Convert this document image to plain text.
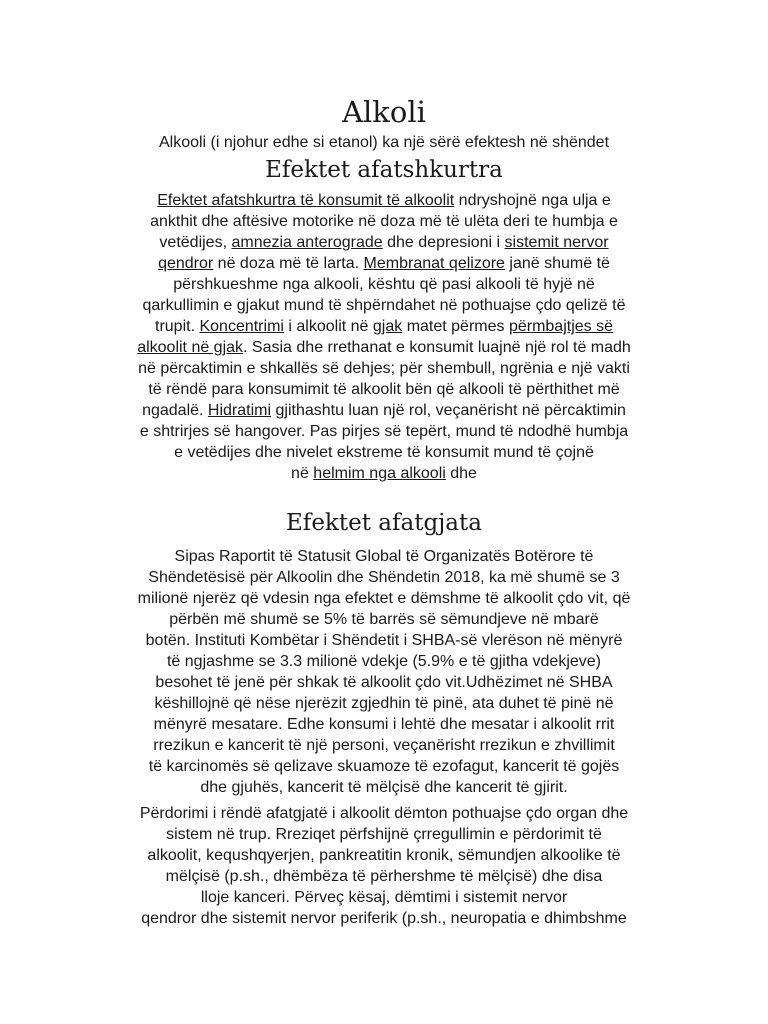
Alkoli
Alkooli (i njohur edhe si etanol) ka një sërë efektesh në shëndet
Efektet afatshkurtra
Efektet afatshkurtra të konsumit të alkoolit ndryshojnë nga ulja e
ankthit dhe aftësive motorike në doza më të ulëta deri te humbja e
vetëdijes, amnezia anterograde dhe depresioni i sistemit nervor
qendror në doza më të larta. Membranat qelizore janë shumë të
përshkueshme nga alkooli, kështu që pasi alkooli të hyjë në
qarkullimin e gjakut mund të shpërndahet në pothuajse çdo qelizë të
trupit. Koncentrimi i alkoolit në gjak matet përmes përmbajtjes së
alkoolit në gjak. Sasia dhe rrethanat e konsumit luajnë një rol të madh
në përcaktimin e shkallës së dehjes; për shembull, ngrënia e një vakti
të rëndë para konsumimit të alkoolit bën që alkooli të përthithet më
ngadalë. Hidratimi gjithashtu luan një rol, veçanërisht në përcaktimin
e shtrirjes së hangover. Pas pirjes së tepërt, mund të ndodhë humbja
e vetëdijes dhe nivelet ekstreme të konsumit mund të çojnë
në helmim nga alkooli dhe
Efektet afatgjata
Sipas Raportit të Statusit Global të Organizatës Botërore të
Shëndetësisë për Alkoolin dhe Shëndetin 2018, ka më shumë se 3
milionë njerëz që vdesin nga efektet e dëmshme të alkoolit çdo vit, që
përbën më shumë se 5% të barrës së sëmundjeve në mbarë
botën. Instituti Kombëtar i Shëndetit i SHBA-së vlerëson në mënyrë
të ngjashme se 3.3 milionë vdekje (5.9% e të gjitha vdekjeve)
besohet të jenë për shkak të alkoolit çdo vit.Udhëzimet në SHBA
këshillojnë që nëse njerëzit zgjedhin të pinë, ata duhet të pinë në
mënyrë mesatare. Edhe konsumi i lehtë dhe mesatar i alkoolit rrit
rrezikun e kancerit të një personi, veçanërisht rrezikun e zhvillimit
të karcinomës së qelizave skuamoze të ezofagut, kancerit të gojës
dhe gjuhës, kancerit të mëlçisë dhe kancerit të gjirit.
Përdorimi i rëndë afatgjatë i alkoolit dëmton pothuajse çdo organ dhe
sistem në trup. Rreziqet përfshijnë çrregullimin e përdorimit të
alkoolit, kequshqyerjen, pankreatitin kronik, sëmundjen alkoolike të
mëlçisë (p.sh., dhëmbëza të përhershme të mëlçisë) dhe disa
lloje kanceri. Përveç kësaj, dëmtimi i sistemit nervor
qendror dhe sistemit nervor periferik (p.sh., neuropatia e dhimbshme
